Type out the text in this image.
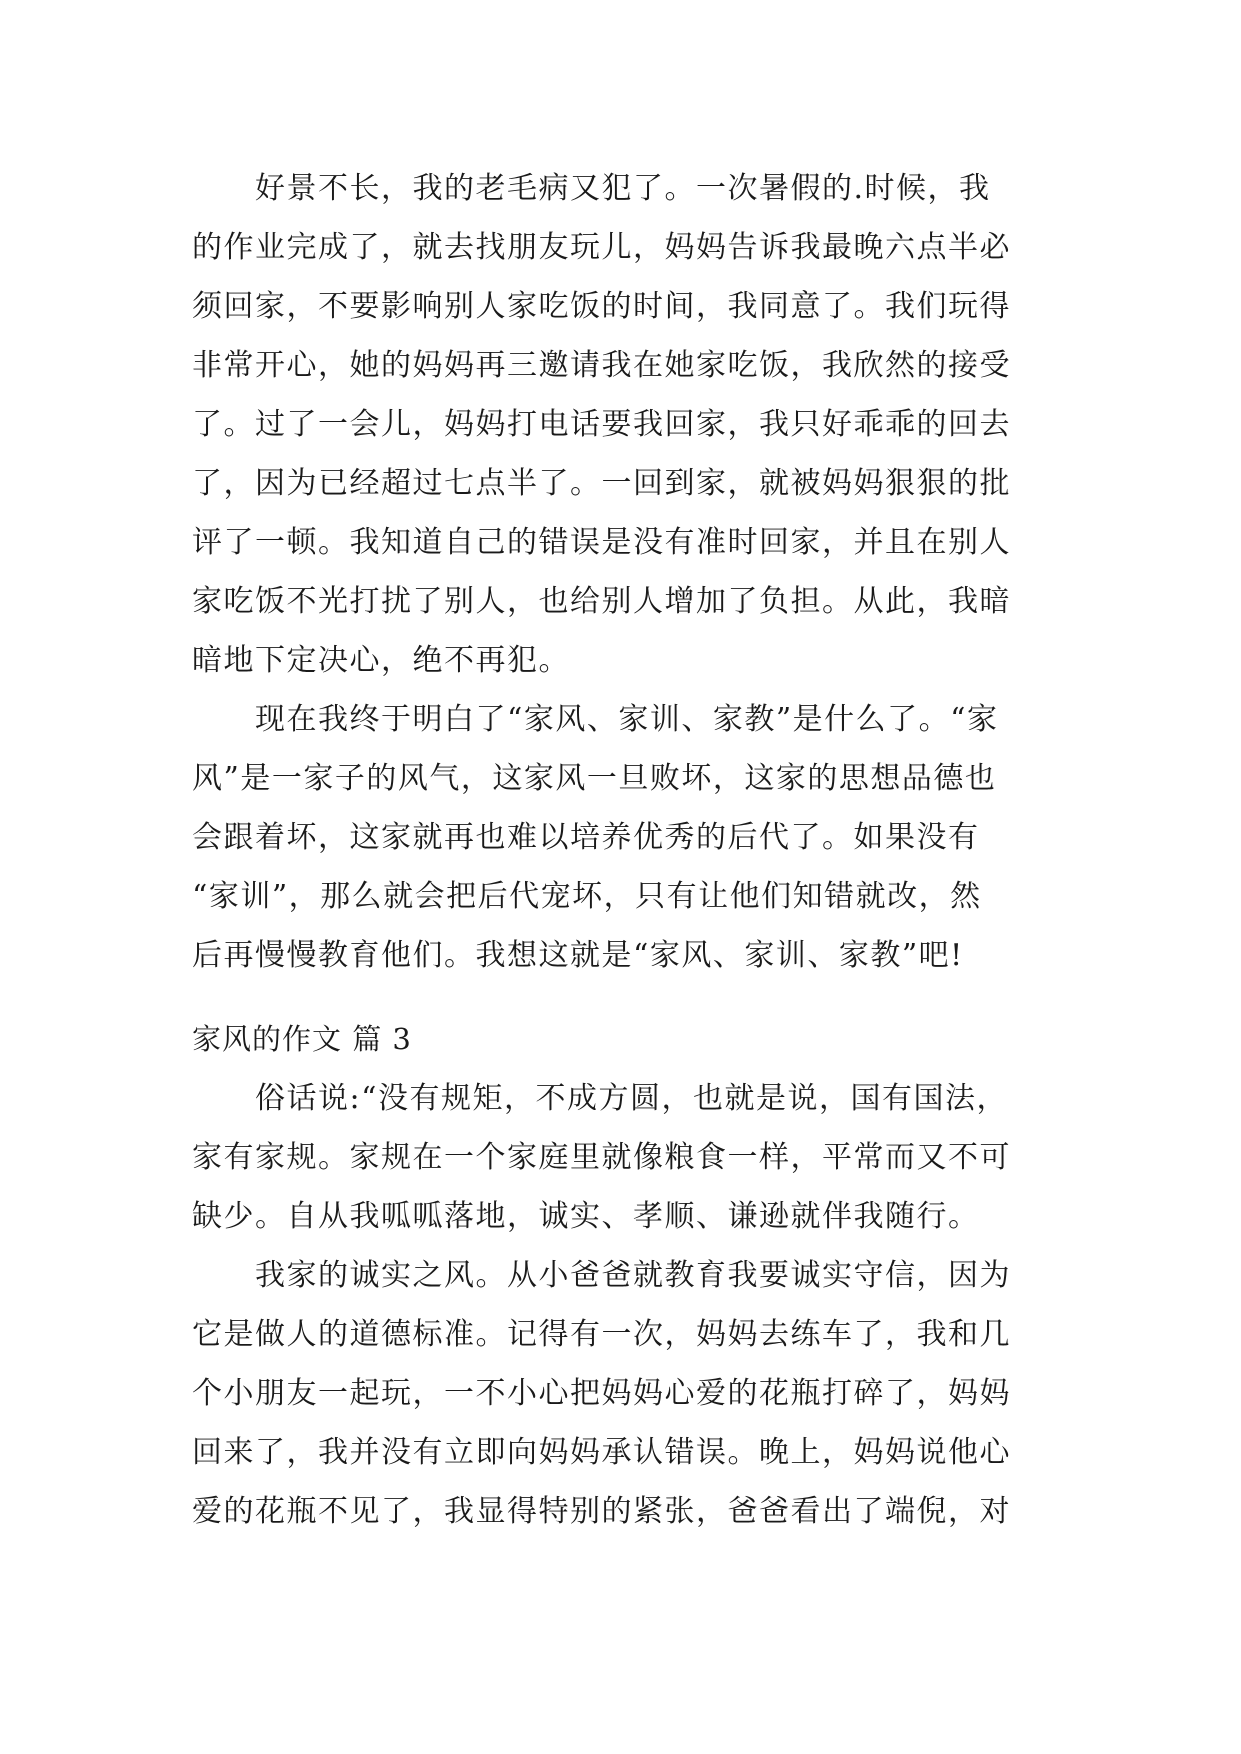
　　好景不长，我的老毛病又犯了。一次暑假的.时候，我
的作业完成了，就去找朋友玩儿，妈妈告诉我最晚六点半必
须回家，不要影响别人家吃饭的时间，我同意了。我们玩得
非常开心，她的妈妈再三邀请我在她家吃饭，我欣然的接受
了。过了一会儿，妈妈打电话要我回家，我只好乖乖的回去
了，因为已经超过七点半了。一回到家，就被妈妈狠狠的批
评了一顿。我知道自己的错误是没有准时回家，并且在别人
家吃饭不光打扰了别人，也给别人增加了负担。从此，我暗
暗地下定决心，绝不再犯。
　　现在我终于明白了“家风、家训、家教”是什么了。“家
风”是一家子的风气，这家风一旦败坏，这家的思想品德也
会跟着坏，这家就再也难以培养优秀的后代了。如果没有
“家训”，那么就会把后代宠坏，只有让他们知错就改，然
后再慢慢教育他们。我想这就是“家风、家训、家教”吧!
家风的作文 篇 3
　　俗话说:“没有规矩，不成方圆，也就是说，国有国法，
家有家规。家规在一个家庭里就像粮食一样，平常而又不可
缺少。自从我呱呱落地，诚实、孝顺、谦逊就伴我随行。
　　我家的诚实之风。从小爸爸就教育我要诚实守信，因为
它是做人的道德标准。记得有一次，妈妈去练车了，我和几
个小朋友一起玩，一不小心把妈妈心爱的花瓶打碎了，妈妈
回来了，我并没有立即向妈妈承认错误。晚上，妈妈说他心
爱的花瓶不见了，我显得特别的紧张，爸爸看出了端倪，对
